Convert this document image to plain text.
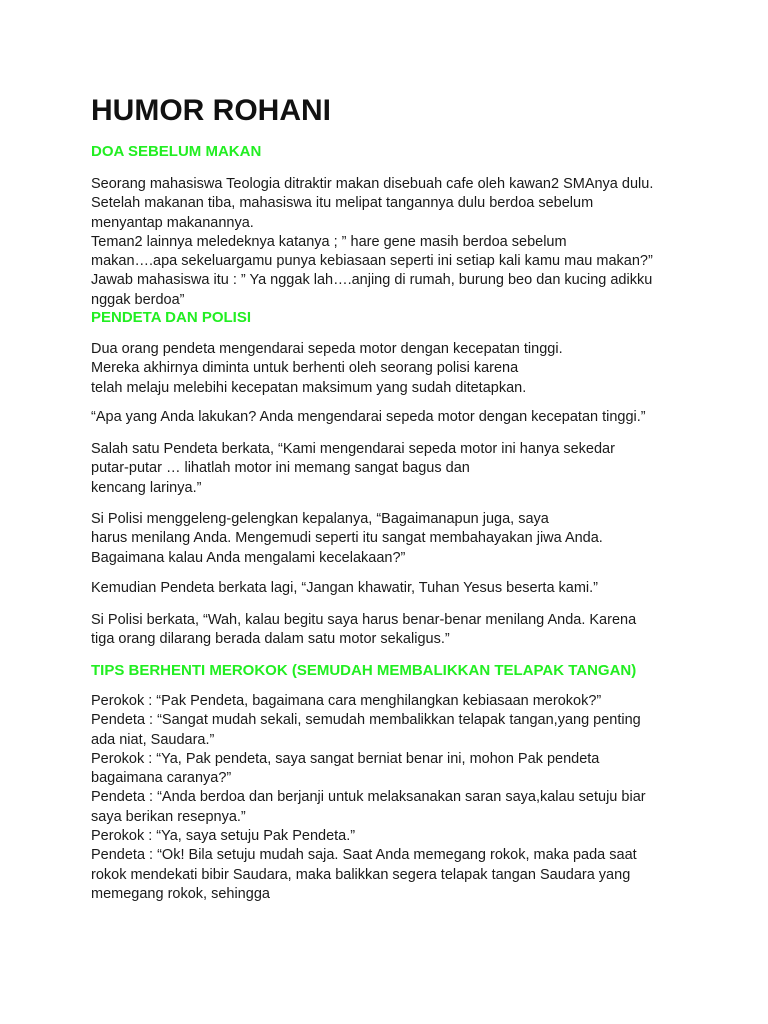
HUMOR ROHANI
DOA SEBELUM MAKAN

Seorang mahasiswa Teologia ditraktir makan disebuah cafe oleh kawan2 SMAnya dulu.

Setelah makanan tiba, mahasiswa itu melipat tangannya dulu berdoa sebelum

menyantap makanannya.

Teman2 lainnya meledeknya katanya ; ” hare gene masih berdoa sebelum

makan….apa sekeluargamu punya kebiasaan seperti ini setiap kali kamu mau makan?”

Jawab mahasiswa itu : ” Ya nggak lah….anjing di rumah, burung beo dan kucing adikku

nggak berdoa”

PENDETA DAN POLISI

Dua orang pendeta mengendarai sepeda motor dengan kecepatan tinggi.

Mereka akhirnya diminta untuk berhenti oleh seorang polisi karena

telah melaju melebihi kecepatan maksimum yang sudah ditetapkan.

“Apa yang Anda lakukan? Anda mengendarai sepeda motor dengan kecepatan tinggi.”

Salah satu Pendeta berkata, “Kami mengendarai sepeda motor ini hanya sekedar

putar-putar … lihatlah motor ini memang sangat bagus dan

kencang larinya.”

Si Polisi menggeleng-gelengkan kepalanya, “Bagaimanapun juga, saya

harus menilang Anda. Mengemudi seperti itu sangat membahayakan jiwa Anda.

Bagaimana kalau Anda mengalami kecelakaan?”

Kemudian Pendeta berkata lagi, “Jangan khawatir, Tuhan Yesus beserta kami.”

Si Polisi berkata, “Wah, kalau begitu saya harus benar-benar menilang Anda. Karena

tiga orang dilarang berada dalam satu motor sekaligus.”

TIPS BERHENTI MEROKOK (SEMUDAH MEMBALIKKAN TELAPAK TANGAN)

Perokok : “Pak Pendeta, bagaimana cara menghilangkan kebiasaan merokok?”

Pendeta : “Sangat mudah sekali, semudah membalikkan telapak tangan,yang penting

ada niat, Saudara.”

Perokok : “Ya, Pak pendeta, saya sangat berniat benar ini, mohon Pak pendeta

bagaimana caranya?”

Pendeta : “Anda berdoa dan berjanji untuk melaksanakan saran saya,kalau setuju biar

saya berikan resepnya.”

Perokok : “Ya, saya setuju Pak Pendeta.”

Pendeta : “Ok! Bila setuju mudah saja. Saat Anda memegang rokok, maka pada saat

rokok mendekati bibir Saudara, maka balikkan segera telapak tangan Saudara yang

memegang rokok, sehingga
